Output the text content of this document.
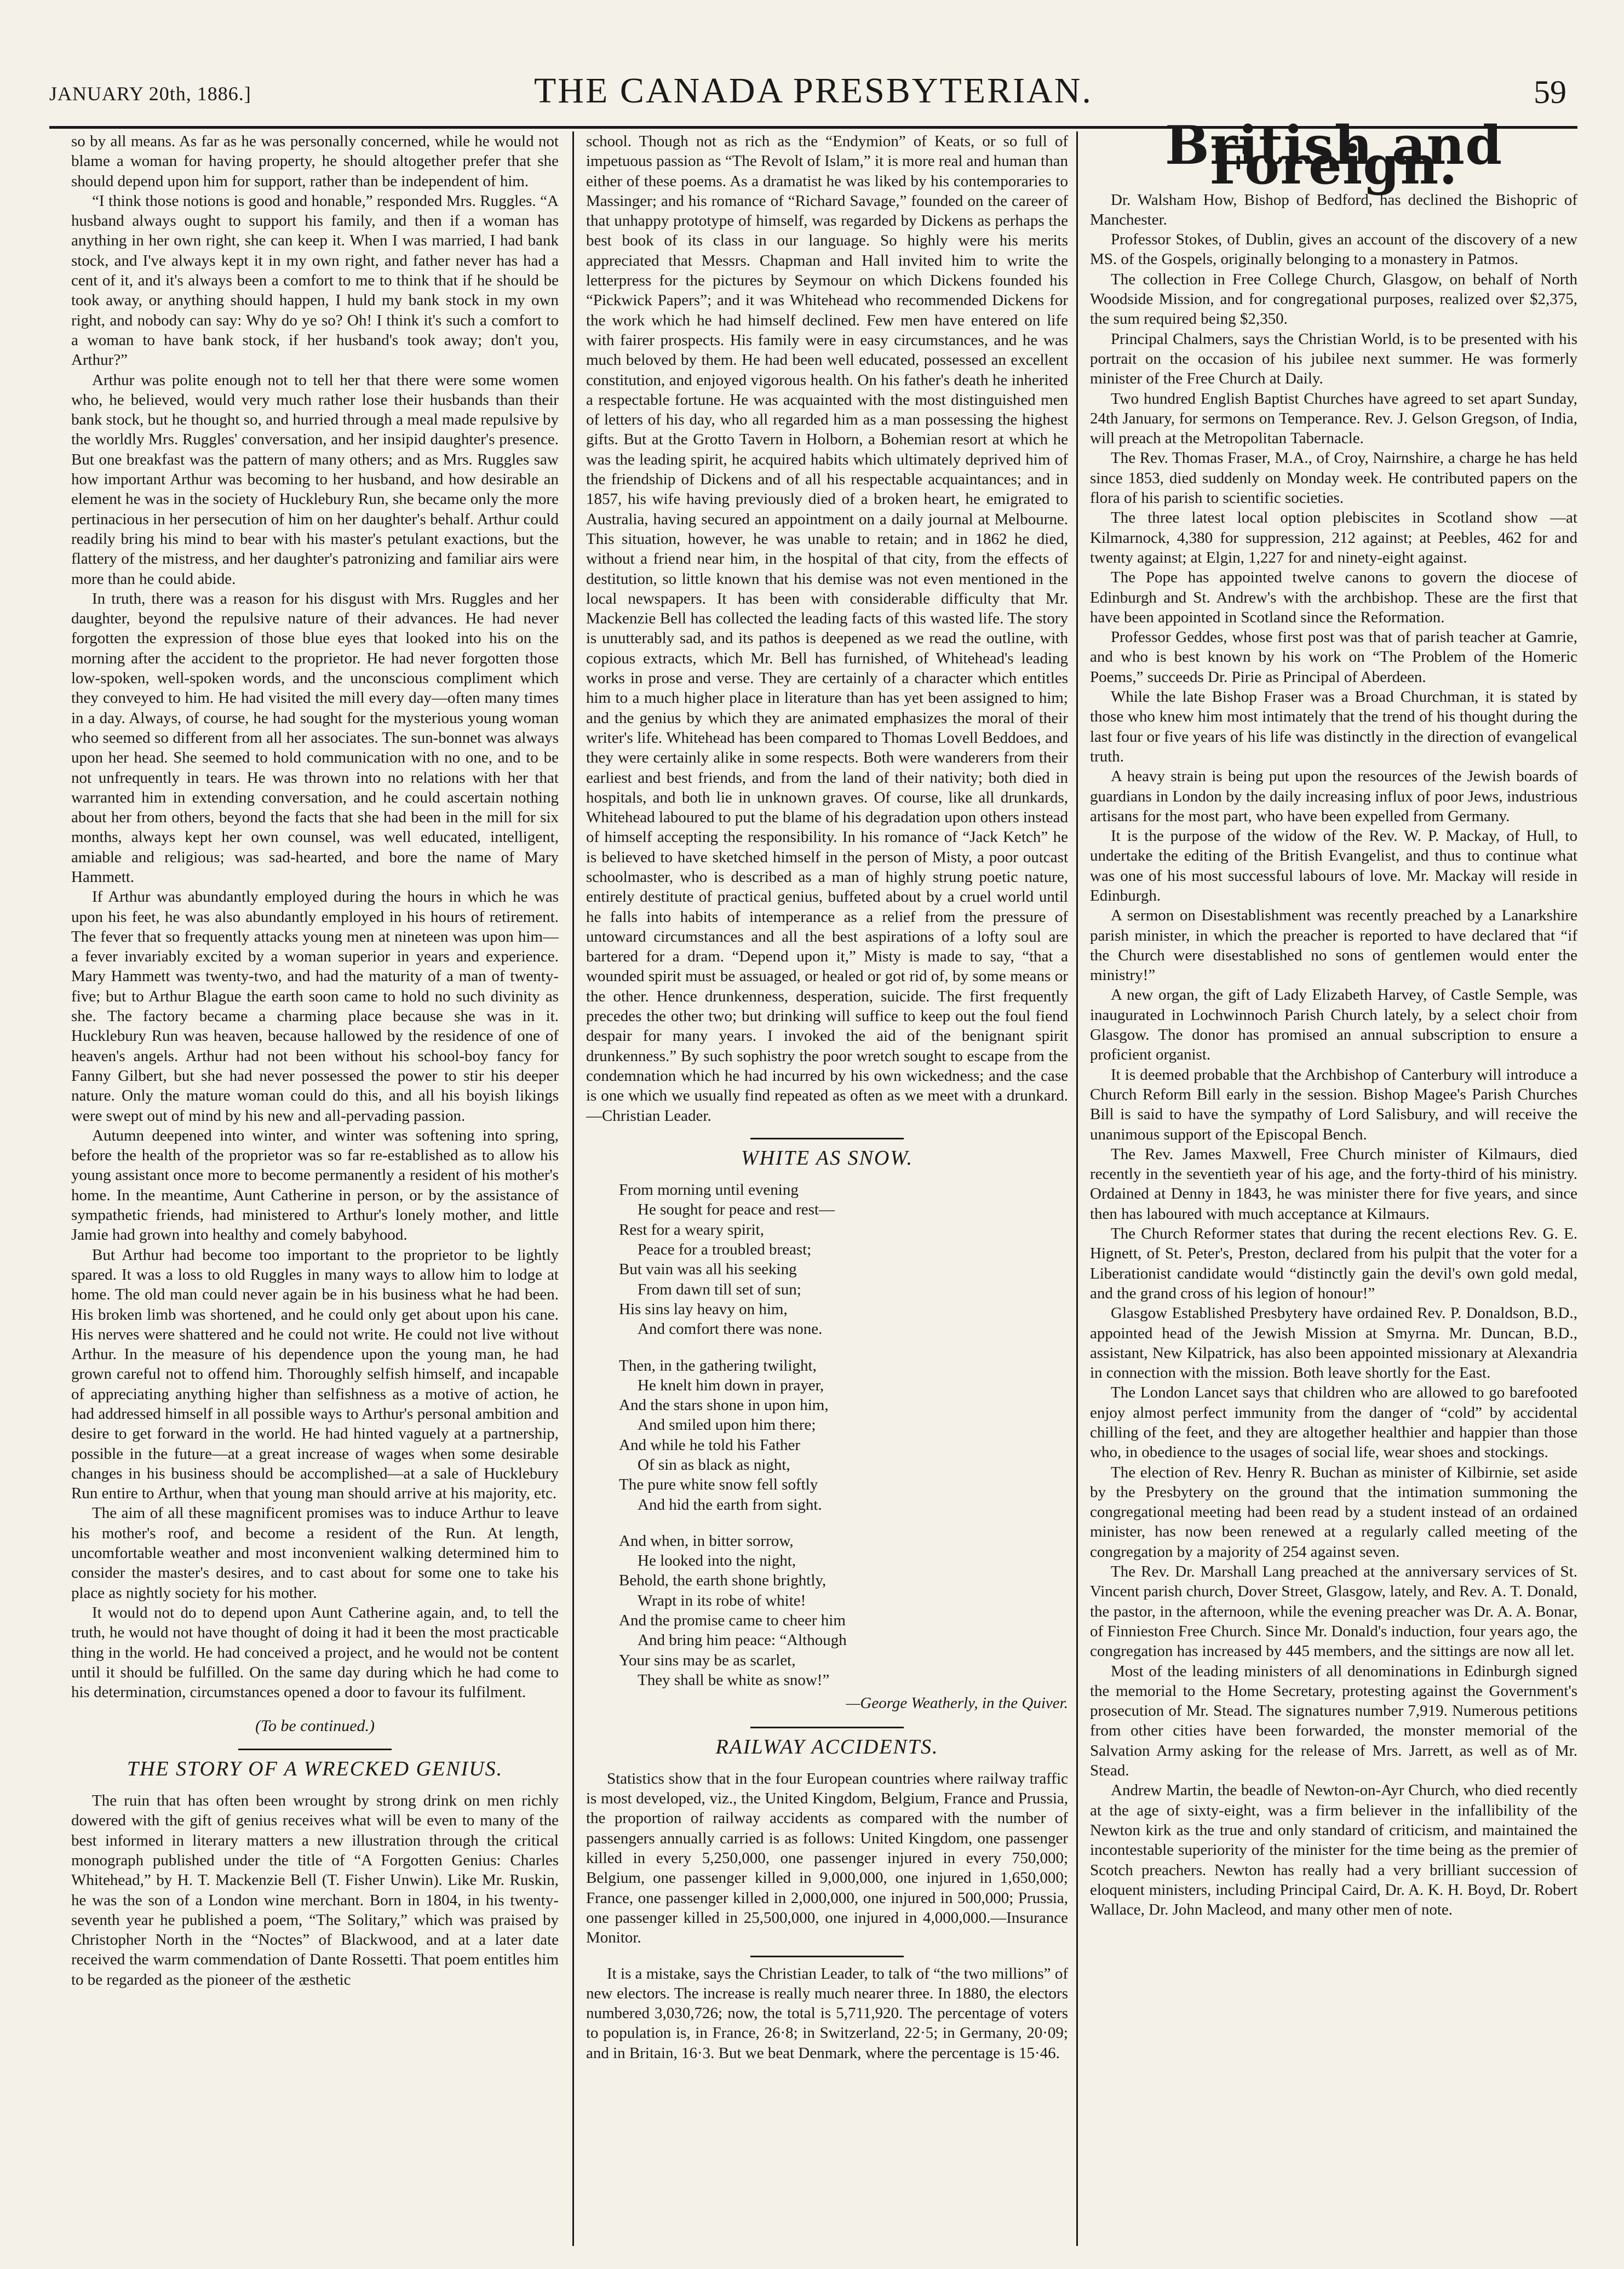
JANUARY 20th, 1886.]	THE CANADA PRESBYTERIAN.	59

so by all means. As far as he was personally concerned, while he would not blame a woman for having property, he should altogether prefer that she should depend upon him for support, rather than be independent of him.

“I think those notions is good and honable,” responded Mrs. Ruggles. “A husband always ought to support his family, and then if a woman has anything in her own right, she can keep it. When I was married, I had bank stock, and I've always kept it in my own right, and father never has had a cent of it, and it's always been a comfort to me to think that if he should be took away, or anything should happen, I huld my bank stock in my own right, and nobody can say: Why do ye so? Oh! I think it's such a comfort to a woman to have bank stock, if her husband's took away; don't you, Arthur?”

Arthur was polite enough not to tell her that there were some women who, he believed, would very much rather lose their husbands than their bank stock, but he thought so, and hurried through a meal made repulsive by the worldly Mrs. Ruggles' conversation, and her insipid daughter's presence. But one breakfast was the pattern of many others; and as Mrs. Ruggles saw how important Arthur was becoming to her husband, and how desirable an element he was in the society of Hucklebury Run, she became only the more pertinacious in her persecution of him on her daughter's behalf. Arthur could readily bring his mind to bear with his master's petulant exactions, but the flattery of the mistress, and her daughter's patronizing and familiar airs were more than he could abide.

In truth, there was a reason for his disgust with Mrs. Ruggles and her daughter, beyond the repulsive nature of their advances. He had never forgotten the expression of those blue eyes that looked into his on the morning after the accident to the proprietor. He had never forgotten those low-spoken, well-spoken words, and the unconscious compliment which they conveyed to him. He had visited the mill every day—often many times in a day. Always, of course, he had sought for the mysterious young woman who seemed so different from all her associates. The sun-bonnet was always upon her head. She seemed to hold communication with no one, and to be not unfrequently in tears. He was thrown into no relations with her that warranted him in extending conversation, and he could ascertain nothing about her from others, beyond the facts that she had been in the mill for six months, always kept her own counsel, was well educated, intelligent, amiable and religious; was sad-hearted, and bore the name of Mary Hammett.

If Arthur was abundantly employed during the hours in which he was upon his feet, he was also abundantly employed in his hours of retirement. The fever that so frequently attacks young men at nineteen was upon him—a fever invariably excited by a woman superior in years and experience. Mary Hammett was twenty-two, and had the maturity of a man of twenty-five; but to Arthur Blague the earth soon came to hold no such divinity as she. The factory became a charming place because she was in it. Hucklebury Run was heaven, because hallowed by the residence of one of heaven's angels. Arthur had not been without his school-boy fancy for Fanny Gilbert, but she had never possessed the power to stir his deeper nature. Only the mature woman could do this, and all his boyish likings were swept out of mind by his new and all-pervading passion.

Autumn deepened into winter, and winter was softening into spring, before the health of the proprietor was so far re-established as to allow his young assistant once more to become permanently a resident of his mother's home. In the meantime, Aunt Catherine in person, or by the assistance of sympathetic friends, had ministered to Arthur's lonely mother, and little Jamie had grown into healthy and comely babyhood.

But Arthur had become too important to the proprietor to be lightly spared. It was a loss to old Ruggles in many ways to allow him to lodge at home. The old man could never again be in his business what he had been. His broken limb was shortened, and he could only get about upon his cane. His nerves were shattered and he could not write. He could not live without Arthur. In the measure of his dependence upon the young man, he had grown careful not to offend him. Thoroughly selfish himself, and incapable of appreciating anything higher than selfishness as a motive of action, he had addressed himself in all possible ways to Arthur's personal ambition and desire to get forward in the world. He had hinted vaguely at a partnership, possible in the future—at a great increase of wages when some desirable changes in his business should be accomplished—at a sale of Hucklebury Run entire to Arthur, when that young man should arrive at his majority, etc.

The aim of all these magnificent promises was to induce Arthur to leave his mother's roof, and become a resident of the Run. At length, uncomfortable weather and most inconvenient walking determined him to consider the master's desires, and to cast about for some one to take his place as nightly society for his mother.

It would not do to depend upon Aunt Catherine again, and, to tell the truth, he would not have thought of doing it had it been the most practicable thing in the world. He had conceived a project, and he would not be content until it should be fulfilled. On the same day during which he had come to his determination, circumstances opened a door to favour its fulfilment.

(To be continued.)
THE STORY OF A WRECKED GENIUS.

The ruin that has often been wrought by strong drink on men richly dowered with the gift of genius receives what will be even to many of the best informed in literary matters a new illustration through the critical monograph published under the title of “A Forgotten Genius: Charles Whitehead,” by H. T. Mackenzie Bell (T. Fisher Unwin). Like Mr. Ruskin, he was the son of a London wine merchant. Born in 1804, in his twenty-seventh year he published a poem, “The Solitary,” which was praised by Christopher North in the “Noctes” of Blackwood, and at a later date received the warm commendation of Dante Rossetti. That poem entitles him to be regarded as the pioneer of the æsthetic

school. Though not as rich as the “Endymion” of Keats, or so full of impetuous passion as “The Revolt of Islam,” it is more real and human than either of these poems. As a dramatist he was liked by his contemporaries to Massinger; and his romance of “Richard Savage,” founded on the career of that unhappy prototype of himself, was regarded by Dickens as perhaps the best book of its class in our language. So highly were his merits appreciated that Messrs. Chapman and Hall invited him to write the letterpress for the pictures by Seymour on which Dickens founded his “Pickwick Papers”; and it was Whitehead who recommended Dickens for the work which he had himself declined. Few men have entered on life with fairer prospects. His family were in easy circumstances, and he was much beloved by them. He had been well educated, possessed an excellent constitution, and enjoyed vigorous health. On his father's death he inherited a respectable fortune. He was acquainted with the most distinguished men of letters of his day, who all regarded him as a man possessing the highest gifts. But at the Grotto Tavern in Holborn, a Bohemian resort at which he was the leading spirit, he acquired habits which ultimately deprived him of the friendship of Dickens and of all his respectable acquaintances; and in 1857, his wife having previously died of a broken heart, he emigrated to Australia, having secured an appointment on a daily journal at Melbourne. This situation, however, he was unable to retain; and in 1862 he died, without a friend near him, in the hospital of that city, from the effects of destitution, so little known that his demise was not even mentioned in the local newspapers. It has been with considerable difficulty that Mr. Mackenzie Bell has collected the leading facts of this wasted life. The story is unutterably sad, and its pathos is deepened as we read the outline, with copious extracts, which Mr. Bell has furnished, of Whitehead's leading works in prose and verse. They are certainly of a character which entitles him to a much higher place in literature than has yet been assigned to him; and the genius by which they are animated emphasizes the moral of their writer's life. Whitehead has been compared to Thomas Lovell Beddoes, and they were certainly alike in some respects. Both were wanderers from their earliest and best friends, and from the land of their nativity; both died in hospitals, and both lie in unknown graves. Of course, like all drunkards, Whitehead laboured to put the blame of his degradation upon others instead of himself accepting the responsibility. In his romance of “Jack Ketch” he is believed to have sketched himself in the person of Misty, a poor outcast schoolmaster, who is described as a man of highly strung poetic nature, entirely destitute of practical genius, buffeted about by a cruel world until he falls into habits of intemperance as a relief from the pressure of untoward circumstances and all the best aspirations of a lofty soul are bartered for a dram. “Depend upon it,” Misty is made to say, “that a wounded spirit must be assuaged, or healed or got rid of, by some means or the other. Hence drunkenness, desperation, suicide. The first frequently precedes the other two; but drinking will suffice to keep out the foul fiend despair for many years. I invoked the aid of the benignant spirit drunkenness.” By such sophistry the poor wretch sought to escape from the condemnation which he had incurred by his own wickedness; and the case is one which we usually find repeated as often as we meet with a drunkard.—Christian Leader.

WHITE AS SNOW.
From morning until evening
He sought for peace and rest—
Rest for a weary spirit,
Peace for a troubled breast;
But vain was all his seeking
From dawn till set of sun;
His sins lay heavy on him,
And comfort there was none.
Then, in the gathering twilight,
He knelt him down in prayer,
And the stars shone in upon him,
And smiled upon him there;
And while he told his Father
Of sin as black as night,
The pure white snow fell softly
And hid the earth from sight.
And when, in bitter sorrow,
He looked into the night,
Behold, the earth shone brightly,
Wrapt in its robe of white!
And the promise came to cheer him
And bring him peace: “Although
Your sins may be as scarlet,
They shall be white as snow!”
—George Weatherly, in the Quiver.
RAILWAY ACCIDENTS.

Statistics show that in the four European countries where railway traffic is most developed, viz., the United Kingdom, Belgium, France and Prussia, the proportion of railway accidents as compared with the number of passengers annually carried is as follows: United Kingdom, one passenger killed in every 5,250,000, one passenger injured in every 750,000; Belgium, one passenger killed in 9,000,000, one injured in 1,650,000; France, one passenger killed in 2,000,000, one injured in 500,000; Prussia, one passenger killed in 25,500,000, one injured in 4,000,000.—Insurance Monitor.

It is a mistake, says the Christian Leader, to talk of “the two millions” of new electors. The increase is really much nearer three. In 1880, the electors numbered 3,030,726; now, the total is 5,711,920. The percentage of voters to population is, in France, 26·8; in Switzerland, 22·5; in Germany, 20·09; and in Britain, 16·3. But we beat Denmark, where the percentage is 15·46.

British and Foreign.

Dr. Walsham How, Bishop of Bedford, has declined the Bishopric of Manchester.

Professor Stokes, of Dublin, gives an account of the discovery of a new MS. of the Gospels, originally belonging to a monastery in Patmos.

The collection in Free College Church, Glasgow, on behalf of North Woodside Mission, and for congregational purposes, realized over $2,375, the sum required being $2,350.

Principal Chalmers, says the Christian World, is to be presented with his portrait on the occasion of his jubilee next summer. He was formerly minister of the Free Church at Daily.

Two hundred English Baptist Churches have agreed to set apart Sunday, 24th January, for sermons on Temperance. Rev. J. Gelson Gregson, of India, will preach at the Metropolitan Tabernacle.

The Rev. Thomas Fraser, M.A., of Croy, Nairnshire, a charge he has held since 1853, died suddenly on Monday week. He contributed papers on the flora of his parish to scientific societies.

The three latest local option plebiscites in Scotland show —at Kilmarnock, 4,380 for suppression, 212 against; at Peebles, 462 for and twenty against; at Elgin, 1,227 for and ninety-eight against.

The Pope has appointed twelve canons to govern the diocese of Edinburgh and St. Andrew's with the archbishop. These are the first that have been appointed in Scotland since the Reformation.

Professor Geddes, whose first post was that of parish teacher at Gamrie, and who is best known by his work on “The Problem of the Homeric Poems,” succeeds Dr. Pirie as Principal of Aberdeen.

While the late Bishop Fraser was a Broad Churchman, it is stated by those who knew him most intimately that the trend of his thought during the last four or five years of his life was distinctly in the direction of evangelical truth.

A heavy strain is being put upon the resources of the Jewish boards of guardians in London by the daily increasing influx of poor Jews, industrious artisans for the most part, who have been expelled from Germany.

It is the purpose of the widow of the Rev. W. P. Mackay, of Hull, to undertake the editing of the British Evangelist, and thus to continue what was one of his most successful labours of love. Mr. Mackay will reside in Edinburgh.

A sermon on Disestablishment was recently preached by a Lanarkshire parish minister, in which the preacher is reported to have declared that “if the Church were disestablished no sons of gentlemen would enter the ministry!”

A new organ, the gift of Lady Elizabeth Harvey, of Castle Semple, was inaugurated in Lochwinnoch Parish Church lately, by a select choir from Glasgow. The donor has promised an annual subscription to ensure a proficient organist.

It is deemed probable that the Archbishop of Canterbury will introduce a Church Reform Bill early in the session. Bishop Magee's Parish Churches Bill is said to have the sympathy of Lord Salisbury, and will receive the unanimous support of the Episcopal Bench.

The Rev. James Maxwell, Free Church minister of Kilmaurs, died recently in the seventieth year of his age, and the forty-third of his ministry. Ordained at Denny in 1843, he was minister there for five years, and since then has laboured with much acceptance at Kilmaurs.

The Church Reformer states that during the recent elections Rev. G. E. Hignett, of St. Peter's, Preston, declared from his pulpit that the voter for a Liberationist candidate would “distinctly gain the devil's own gold medal, and the grand cross of his legion of honour!”

Glasgow Established Presbytery have ordained Rev. P. Donaldson, B.D., appointed head of the Jewish Mission at Smyrna. Mr. Duncan, B.D., assistant, New Kilpatrick, has also been appointed missionary at Alexandria in connection with the mission. Both leave shortly for the East.

The London Lancet says that children who are allowed to go barefooted enjoy almost perfect immunity from the danger of “cold” by accidental chilling of the feet, and they are altogether healthier and happier than those who, in obedience to the usages of social life, wear shoes and stockings.

The election of Rev. Henry R. Buchan as minister of Kilbirnie, set aside by the Presbytery on the ground that the intimation summoning the congregational meeting had been read by a student instead of an ordained minister, has now been renewed at a regularly called meeting of the congregation by a majority of 254 against seven.

The Rev. Dr. Marshall Lang preached at the anniversary services of St. Vincent parish church, Dover Street, Glasgow, lately, and Rev. A. T. Donald, the pastor, in the afternoon, while the evening preacher was Dr. A. A. Bonar, of Finnieston Free Church. Since Mr. Donald's induction, four years ago, the congregation has increased by 445 members, and the sittings are now all let.

Most of the leading ministers of all denominations in Edinburgh signed the memorial to the Home Secretary, protesting against the Government's prosecution of Mr. Stead. The signatures number 7,919. Numerous petitions from other cities have been forwarded, the monster memorial of the Salvation Army asking for the release of Mrs. Jarrett, as well as of Mr. Stead.

Andrew Martin, the beadle of Newton-on-Ayr Church, who died recently at the age of sixty-eight, was a firm believer in the infallibility of the Newton kirk as the true and only standard of criticism, and maintained the incontestable superiority of the minister for the time being as the premier of Scotch preachers. Newton has really had a very brilliant succession of eloquent ministers, including Principal Caird, Dr. A. K. H. Boyd, Dr. Robert Wallace, Dr. John Macleod, and many other men of note.
